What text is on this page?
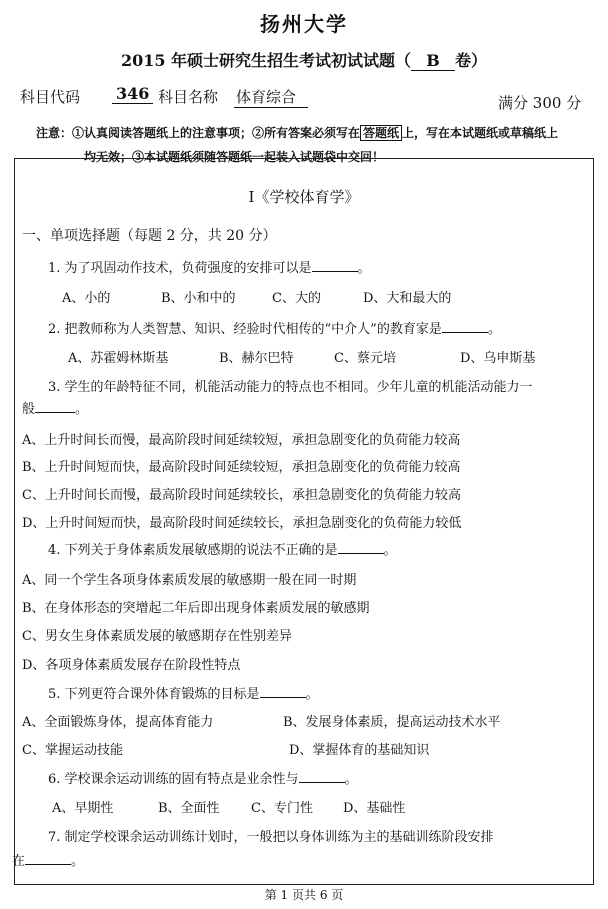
扬州大学
2015 年硕士研究生招生考试初试试题（ B 卷）
科目代码 346 科目名称 体育综合	满分 300 分
注意：①认真阅读答题纸上的注意事项；②所有答案必须写在 答题纸 上，写在本试题纸或草稿纸上
均无效；③本试题纸须随答题纸一起装入试题袋中交回！
Ⅰ《学校体育学》
一、单项选择题（每题 2 分，共 20 分）
1. 为了巩固动作技术，负荷强度的安排可以是	。
A、小的	B、小和中的	C、大的	D、大和最大的
2. 把教师称为人类智慧、知识、经验时代相传的“中介人”的教育家是	。
A、苏霍姆林斯基	B、赫尔巴特	C、蔡元培	D、乌申斯基
3. 学生的年龄特征不同，机能活动能力的特点也不相同。少年儿童的机能活动能力一
般	。
A、上升时间长而慢，最高阶段时间延续较短，承担急剧变化的负荷能力较高
B、上升时间短而快，最高阶段时间延续较短，承担急剧变化的负荷能力较高
C、上升时间长而慢，最高阶段时间延续较长，承担急剧变化的负荷能力较高
D、上升时间短而快，最高阶段时间延续较长，承担急剧变化的负荷能力较低
4. 下列关于身体素质发展敏感期的说法不正确的是	。
A、同一个学生各项身体素质发展的敏感期一般在同一时期
B、在身体形态的突增起二年后即出现身体素质发展的敏感期
C、男女生身体素质发展的敏感期存在性别差异
D、各项身体素质发展存在阶段性特点
5. 下列更符合课外体育锻炼的目标是	。
A、全面锻炼身体，提高体育能力	B、发展身体素质，提高运动技术水平
C、掌握运动技能	D、掌握体育的基础知识
6. 学校课余运动训练的固有特点是业余性与	。
A、早期性	B、全面性 C、专门性 D、基础性
7. 制定学校课余运动训练计划时，一般把以身体训练为主的基础训练阶段安排
在	。
第 1 页共 6 页
